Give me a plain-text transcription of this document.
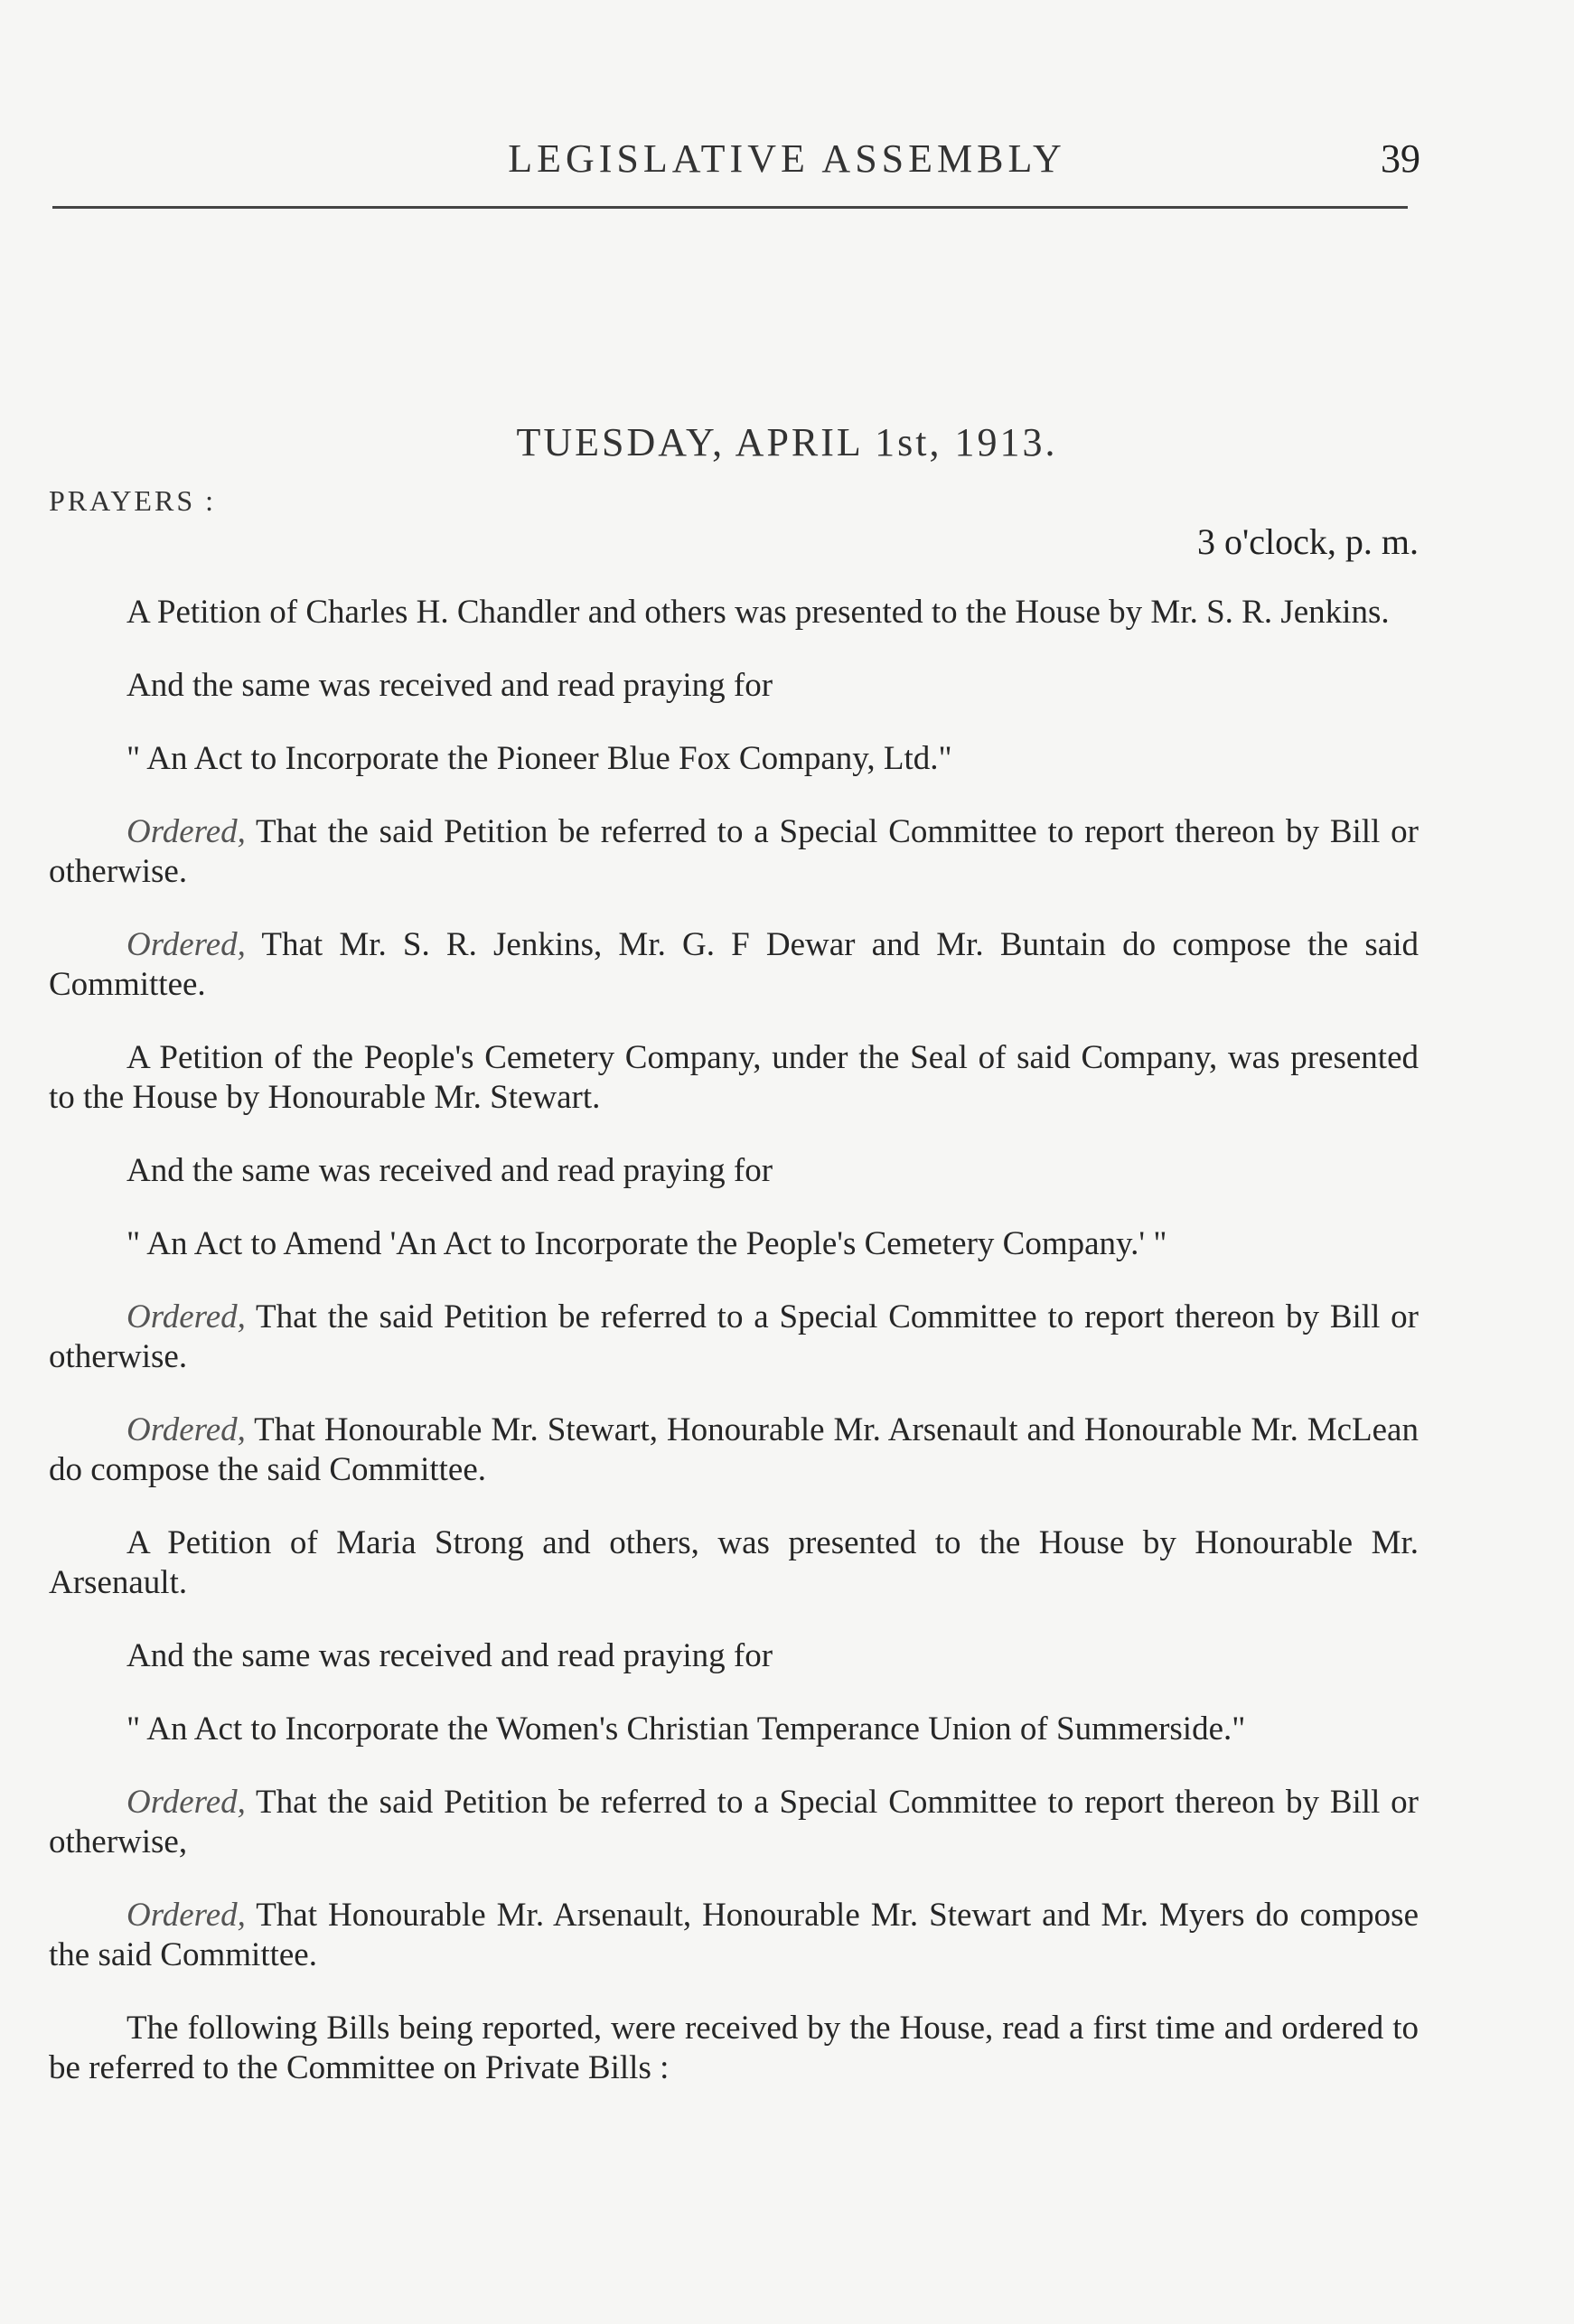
LEGISLATIVE ASSEMBLY	39
TUESDAY, APRIL 1st, 1913.
PRAYERS :
3 o'clock, p. m.

A Petition of Charles H. Chandler and others was presented to the House by Mr. S. R. Jenkins.

And the same was received and read praying for

" An Act to Incorporate the Pioneer Blue Fox Company, Ltd."

Ordered, That the said Petition be referred to a Special Committee to report thereon by Bill or otherwise.

Ordered, That Mr. S. R. Jenkins, Mr. G. F Dewar and Mr. Buntain do compose the said Committee.

A Petition of the People's Cemetery Company, under the Seal of said Company, was presented to the House by Honourable Mr. Stewart.

And the same was received and read praying for

" An Act to Amend 'An Act to Incorporate the People's Cemetery Company.' "

Ordered, That the said Petition be referred to a Special Committee to report thereon by Bill or otherwise.

Ordered, That Honourable Mr. Stewart, Honourable Mr. Arsenault and Honourable Mr. McLean do compose the said Committee.

A Petition of Maria Strong and others, was presented to the House by Honourable Mr. Arsenault.

And the same was received and read praying for

" An Act to Incorporate the Women's Christian Temperance Union of Summerside."

Ordered, That the said Petition be referred to a Special Committee to report thereon by Bill or otherwise,

Ordered, That Honourable Mr. Arsenault, Honourable Mr. Stewart and Mr. Myers do compose the said Committee.

The following Bills being reported, were received by the House, read a first time and ordered to be referred to the Committee on Private Bills :
